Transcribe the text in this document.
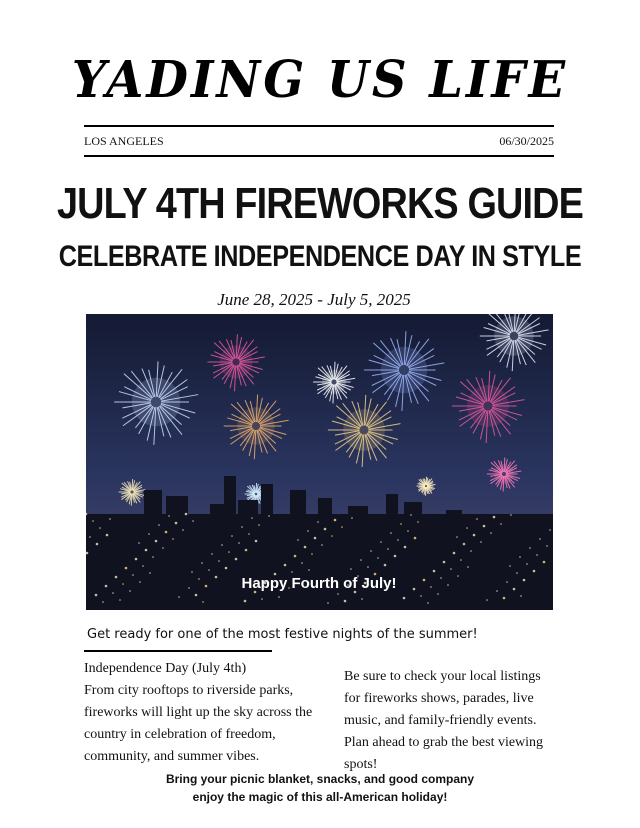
YADING US LIFE
LOS ANGELES	06/30/2025
JULY 4TH FIREWORKS GUIDE
CELEBRATE INDEPENDENCE DAY IN STYLE
June 28, 2025 - July 5, 2025
Happy Fourth of July!
Get ready for one of the most festive nights of the summer!
Independence Day (July 4th)
From city rooftops to riverside parks, fireworks will light up the sky across the country in celebration of freedom, community, and summer vibes.
Be sure to check your local listings for fireworks shows, parades, live music, and family-friendly events. Plan ahead to grab the best viewing spots!
Bring your picnic blanket, snacks, and good company
enjoy the magic of this all-American holiday!
